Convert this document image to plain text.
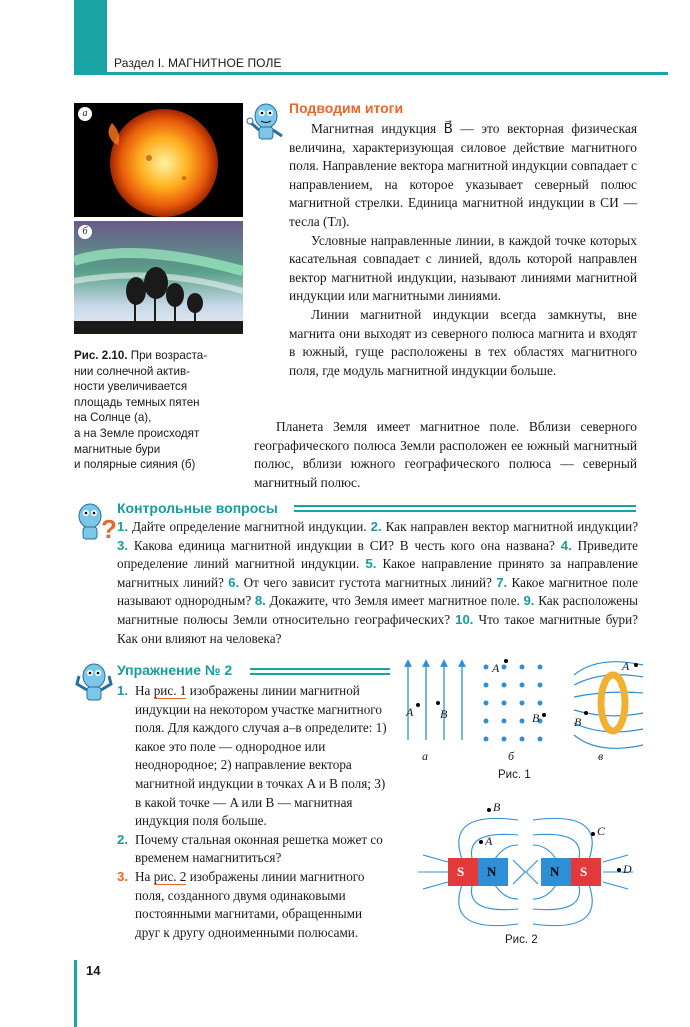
Раздел I. МАГНИТНОЕ ПОЛЕ
а
б
Рис. 2.10. При возраста-
нии солнечной актив-
ности увеличивается
площадь темных пятен
на Солнце (а),
а на Земле происходят
магнитные бури
и полярные сияния (б)
Подводим итоги

Магнитная индукция B⃗ — это векторная физическая величина, характеризующая силовое действие магнитного поля. Направление вектора магнитной индукции совпадает с направлением, на которое указывает северный полюс магнитной стрелки. Единица магнитной индукции в СИ — тесла (Тл).

Условные направленные линии, в каждой точке которых касательная совпадает с линией, вдоль которой направлен вектор магнитной индукции, называют линиями магнитной индукции или магнитными линиями.

Линии магнитной индукции всегда замкнуты, вне магнита они выходят из северного полюса магнита и входят в южный, гуще расположены в тех областях магнитного поля, где модуль магнитной индукции больше.

Планета Земля имеет магнитное поле. Вблизи северного географического полюса Земли расположен ее южный магнитный полюс, вблизи южного географического полюса — северный магнитный полюс.

?
Контрольные вопросы
1. Дайте определение магнитной индукции. 2. Как направлен вектор магнитной индукции? 3. Какова единица магнитной индукции в СИ? В честь кого она названа? 4. Приведите определение линий магнитной индукции. 5. Какое направление принято за направление магнитных линий? 6. От чего зависит густота магнитных линий? 7. Какое магнитное поле называют однородным? 8. Докажите, что Земля имеет магнитное поле. 9. Как расположены магнитные полюсы Земли относительно географических? 10. Что такое магнитные бури? Как они влияют на человека?
Упражнение № 2

1. На рис. 1 изображены линии магнитной индукции на некотором участке магнитного поля. Для каждого случая а–в определите: 1) какое это поле — однородное или неоднородное; 2) направление вектора магнитной индукции в точках A и B поля; 3) в какой точке — A или B — магнитная индукция поля больше.

2. Почему стальная оконная решетка может со временем намагнититься?

3. На рис. 2 изображены линии магнитного поля, созданного двумя одинаковыми постоянными магнитами, обращенными друг к другу одноименными полюсами.

A B
A
B
A
B
а	б	в
Рис. 1
S N	N S
A
B
C
D
Рис. 2
14
